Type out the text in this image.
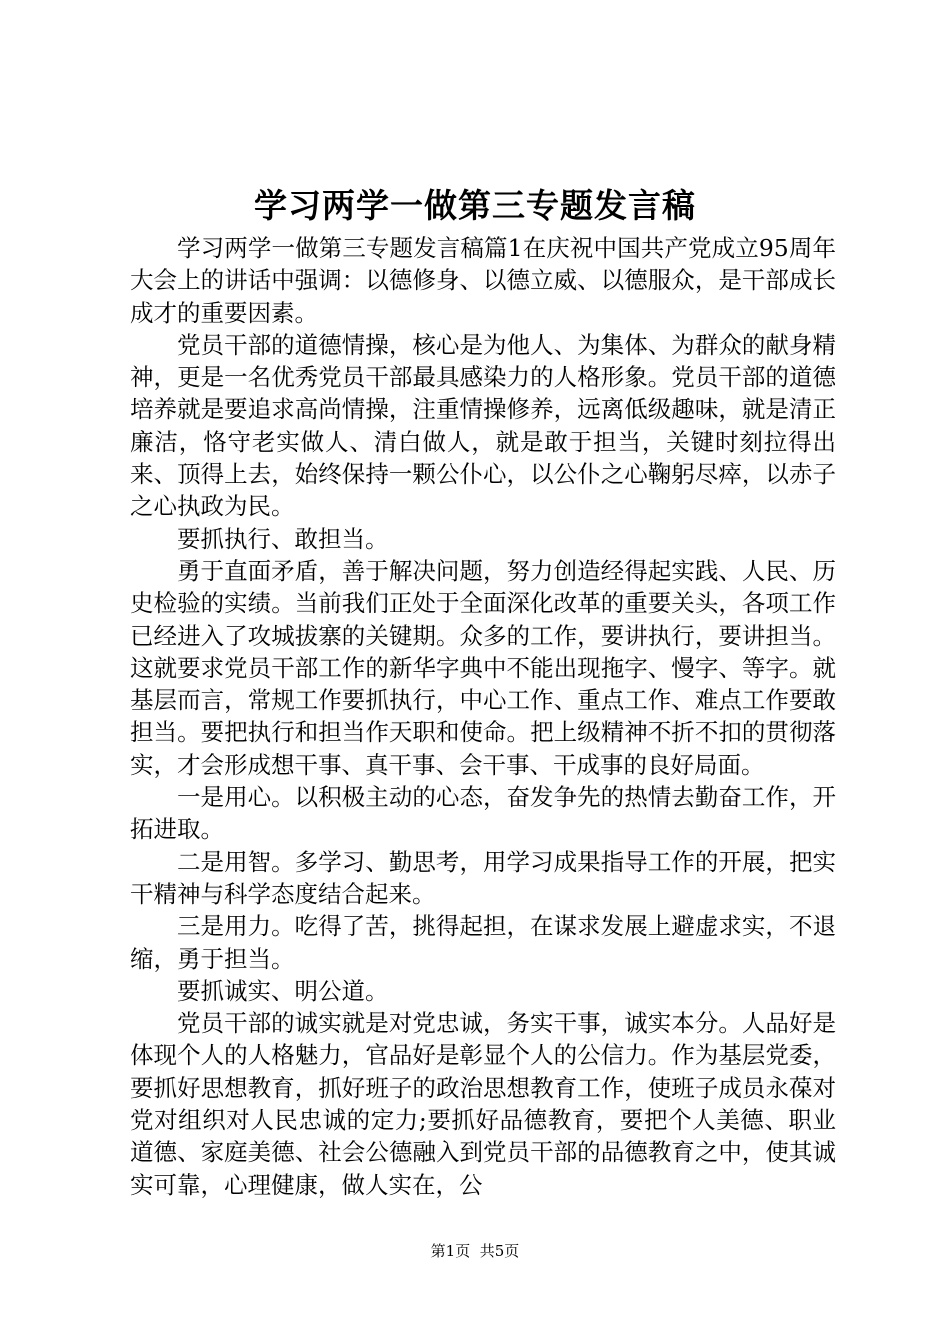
学习两学一做第三专题发言稿

学习两学一做第三专题发言稿篇1在庆祝中国共产党成立95周年大会上的讲话中强调：以德修身、以德立威、以德服众，是干部成长成才的重要因素。

党员干部的道德情操，核心是为他人、为集体、为群众的献身精神，更是一名优秀党员干部最具感染力的人格形象。党员干部的道德培养就是要追求高尚情操，注重情操修养，远离低级趣味，就是清正廉洁，恪守老实做人、清白做人，就是敢于担当，关键时刻拉得出来、顶得上去，始终保持一颗公仆心，以公仆之心鞠躬尽瘁，以赤子之心执政为民。

要抓执行、敢担当。

勇于直面矛盾，善于解决问题，努力创造经得起实践、人民、历史检验的实绩。当前我们正处于全面深化改革的重要关头，各项工作已经进入了攻城拔寨的关键期。众多的工作，要讲执行，要讲担当。这就要求党员干部工作的新华字典中不能出现拖字、慢字、等字。就基层而言，常规工作要抓执行，中心工作、重点工作、难点工作要敢担当。要把执行和担当作天职和使命。把上级精神不折不扣的贯彻落实，才会形成想干事、真干事、会干事、干成事的良好局面。

一是用心。以积极主动的心态，奋发争先的热情去勤奋工作，开拓进取。

二是用智。多学习、勤思考，用学习成果指导工作的开展，把实干精神与科学态度结合起来。

三是用力。吃得了苦，挑得起担，在谋求发展上避虚求实，不退缩，勇于担当。

要抓诚实、明公道。

党员干部的诚实就是对党忠诚，务实干事，诚实本分。人品好是体现个人的人格魅力，官品好是彰显个人的公信力。作为基层党委，要抓好思想教育，抓好班子的政治思想教育工作，使班子成员永葆对党对组织对人民忠诚的定力;要抓好品德教育，要把个人美德、职业道德、家庭美德、社会公德融入到党员干部的品德教育之中，使其诚实可靠，心理健康，做人实在，公

第1页 共5页
